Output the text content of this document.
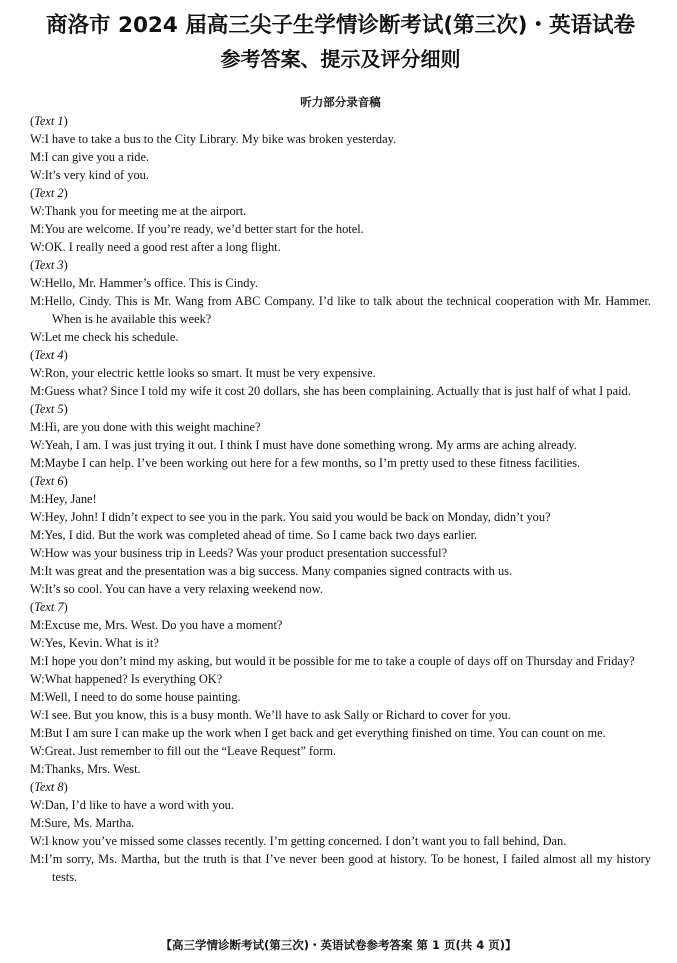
商洛市 2024 届高三尖子生学情诊断考试(第三次)・英语试卷
参考答案、提示及评分细则
听力部分录音稿
(Text 1)
W:I have to take a bus to the City Library. My bike was broken yesterday.
M:I can give you a ride.
W:It’s very kind of you.
(Text 2)
W:Thank you for meeting me at the airport.
M:You are welcome. If you’re ready, we’d better start for the hotel.
W:OK. I really need a good rest after a long flight.
(Text 3)
W:Hello, Mr. Hammer’s office. This is Cindy.
M:Hello, Cindy. This is Mr. Wang from ABC Company. I’d like to talk about the technical cooperation with Mr. Hammer. When is he available this week?
W:Let me check his schedule.
(Text 4)
W:Ron, your electric kettle looks so smart. It must be very expensive.
M:Guess what? Since I told my wife it cost 20 dollars, she has been complaining. Actually that is just half of what I paid.
(Text 5)
M:Hi, are you done with this weight machine?
W:Yeah, I am. I was just trying it out. I think I must have done something wrong. My arms are aching already.
M:Maybe I can help. I’ve been working out here for a few months, so I’m pretty used to these fitness facilities.
(Text 6)
M:Hey, Jane!
W:Hey, John! I didn’t expect to see you in the park. You said you would be back on Monday, didn’t you?
M:Yes, I did. But the work was completed ahead of time. So I came back two days earlier.
W:How was your business trip in Leeds? Was your product presentation successful?
M:It was great and the presentation was a big success. Many companies signed contracts with us.
W:It’s so cool. You can have a very relaxing weekend now.
(Text 7)
M:Excuse me, Mrs. West. Do you have a moment?
W:Yes, Kevin. What is it?
M:I hope you don’t mind my asking, but would it be possible for me to take a couple of days off on Thursday and Friday?
W:What happened? Is everything OK?
M:Well, I need to do some house painting.
W:I see. But you know, this is a busy month. We’ll have to ask Sally or Richard to cover for you.
M:But I am sure I can make up the work when I get back and get everything finished on time. You can count on me.
W:Great. Just remember to fill out the “Leave Request” form.
M:Thanks, Mrs. West.
(Text 8)
W:Dan, I’d like to have a word with you.
M:Sure, Ms. Martha.
W:I know you’ve missed some classes recently. I’m getting concerned. I don’t want you to fall behind, Dan.
M:I’m sorry, Ms. Martha, but the truth is that I’ve never been good at history. To be honest, I failed almost all my history tests.
【高三学情诊断考试(第三次)・英语试卷参考答案 第 1 页(共 4 页)】
